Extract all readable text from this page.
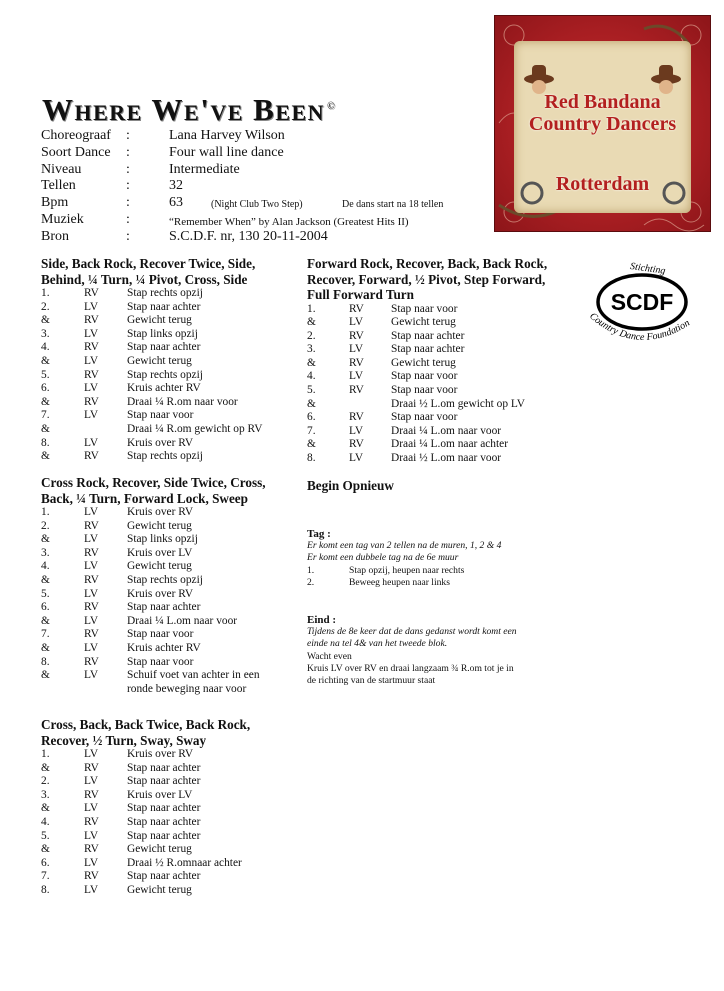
Where We've Been ©
Choreograaf :	Lana Harvey Wilson
Soort Dance :	Four wall line dance
Niveau	:	Intermediate
Tellen	:	32
Bpm	:	63	(Night Club Two Step)	De dans start na 18 tellen
Muziek	:	“Remember When” by Alan Jackson (Greatest Hits II)
Bron	:	S.C.D.F. nr, 130 20-11-2004
Red Bandana
Country Dancers
Rotterdam
SCDF
Stichting
Country Dance Foundation
Side, Back Rock, Recover Twice, Side,
Behind, ¼ Turn, ¼ Pivot, Cross, Side
1.	RV Stap rechts opzij
2.	LV	Stap naar achter
&	RV Gewicht terug
3.	LV	Stap links opzij
4.	RV Stap naar achter
&	LV	Gewicht terug
5.	RV Stap rechts opzij
6.	LV	Kruis achter RV
&	RV Draai ¼ R.om naar voor
7.	LV	Stap naar voor
&	Draai ¼ R.om gewicht op RV
8.	LV	Kruis over RV
&	RV Stap rechts opzij
Cross Rock, Recover, Side Twice, Cross,
Back, ¼ Turn, Forward Lock, Sweep
1.	LV	Kruis over RV
2.	RV Gewicht terug
&	LV	Stap links opzij
3.	RV Kruis over LV
4.	LV	Gewicht terug
&	RV Stap rechts opzij
5.	LV	Kruis over RV
6.	RV Stap naar achter
&	LV	Draai ¼ L.om naar voor
7.	RV Stap naar voor
&	LV	Kruis achter RV
8.	RV Stap naar voor
&	LV	Schuif voet van achter in een ronde beweging naar voor
Cross, Back, Back Twice, Back Rock,
Recover, ½ Turn, Sway, Sway
1.	LV	Kruis over RV
&	RV Stap naar achter
2.	LV	Stap naar achter
3.	RV Kruis over LV
&	LV	Stap naar achter
4.	RV Stap naar achter
5.	LV	Stap naar achter
&	RV Gewicht terug
6.	LV	Draai ½ R.omnaar achter
7.	RV Stap naar achter
8.	LV	Gewicht terug
Forward Rock, Recover, Back, Back Rock,
Recover, Forward, ½ Pivot, Step Forward,
Full Forward Turn
1.	RV Stap naar voor
&	LV Gewicht terug
2.	RV Stap naar achter
3.	LV Stap naar achter
&	RV Gewicht terug
4.	LV Stap naar voor
5.	RV Stap naar voor
&	Draai ½ L.om gewicht op LV
6.	RV Stap naar voor
7.	LV Draai ¼ L.om naar voor
&	RV Draai ¼ L.om naar achter
8.	LV Draai ½ L.om naar voor
Begin Opnieuw
Tag :
Er komt een tag van 2 tellen na de muren, 1, 2 & 4
Er komt een dubbele tag na de 6e muur
1.	Stap opzij, heupen naar rechts
2.	Beweeg heupen naar links
Eind :
Tijdens de 8e keer dat de dans gedanst wordt komt een
einde na tel 4& van het tweede blok.
Wacht even
Kruis LV over RV en draai langzaam ¾ R.om tot je in
de richting van de startmuur staat
